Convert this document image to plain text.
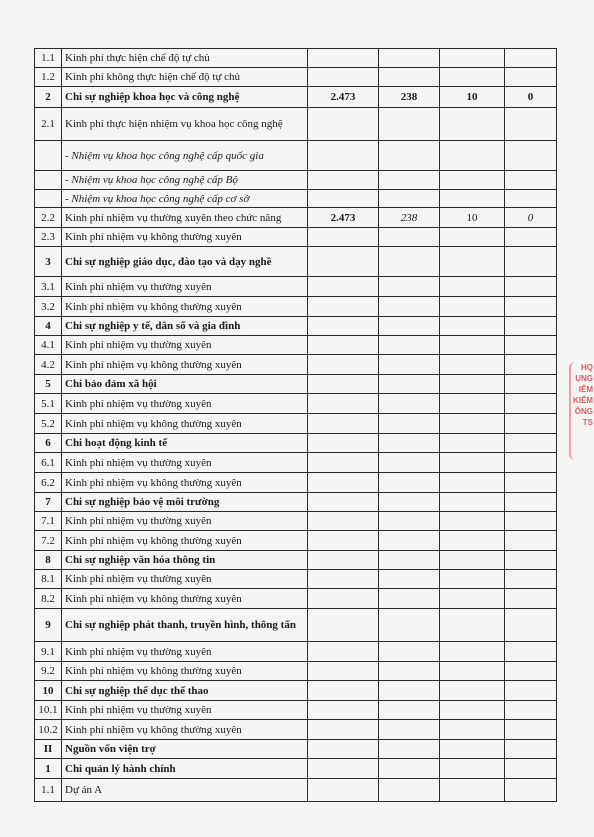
1.1	Kinh phí thực hiện chế độ tự chủ				
1.2	Kinh phí không thực hiện chế độ tự chủ				
2	Chi sự nghiệp khoa học và công nghệ	2.473	238	10	0
2.1	Kinh phí thực hiện nhiệm vụ khoa học công nghệ				
	- Nhiệm vụ khoa học công nghệ cấp quốc gia				
	- Nhiệm vụ khoa học công nghệ cấp Bộ				
	- Nhiệm vụ khoa học công nghệ cấp cơ sở				
2.2	Kinh phí nhiệm vụ thường xuyên theo chức năng	2.473	238	10	0
2.3	Kinh phí nhiệm vụ không thường xuyên				
3	Chi sự nghiệp giáo dục, đào tạo và dạy nghề				
3.1	Kinh phí nhiệm vụ thường xuyên				
3.2	Kinh phí nhiệm vụ không thường xuyên				
4	Chi sự nghiệp y tế, dân số và gia đình				
4.1	Kinh phí nhiệm vụ thường xuyên				
4.2	Kinh phí nhiệm vụ không thường xuyên				
5	Chi bảo đảm xã hội				
5.1	Kinh phí nhiệm vụ thường xuyên				
5.2	Kinh phí nhiệm vụ không thường xuyên				
6	Chi hoạt động kinh tế				
6.1	Kinh phí nhiệm vụ thường xuyên				
6.2	Kinh phí nhiệm vụ không thường xuyên				
7	Chi sự nghiệp bảo vệ môi trường				
7.1	Kinh phí nhiệm vụ thường xuyên				
7.2	Kinh phí nhiệm vụ không thường xuyên				
8	Chi sự nghiệp văn hóa thông tin				
8.1	Kinh phí nhiệm vụ thường xuyên				
8.2	Kinh phí nhiệm vụ không thường xuyên				
9	Chi sự nghiệp phát thanh, truyền hình, thông tấn				
9.1	Kinh phí nhiệm vụ thường xuyên				
9.2	Kinh phí nhiệm vụ không thường xuyên				
10	Chi sự nghiệp thể dục thể thao				
10.1	Kinh phí nhiệm vụ thường xuyên				
10.2	Kinh phí nhiệm vụ không thường xuyên				
II	Nguồn vốn viện trợ				
1	Chi quản lý hành chính				
1.1	Dự án A				
HQ
ỤNG
IÊM
KIỂM
ÔNG
TS
